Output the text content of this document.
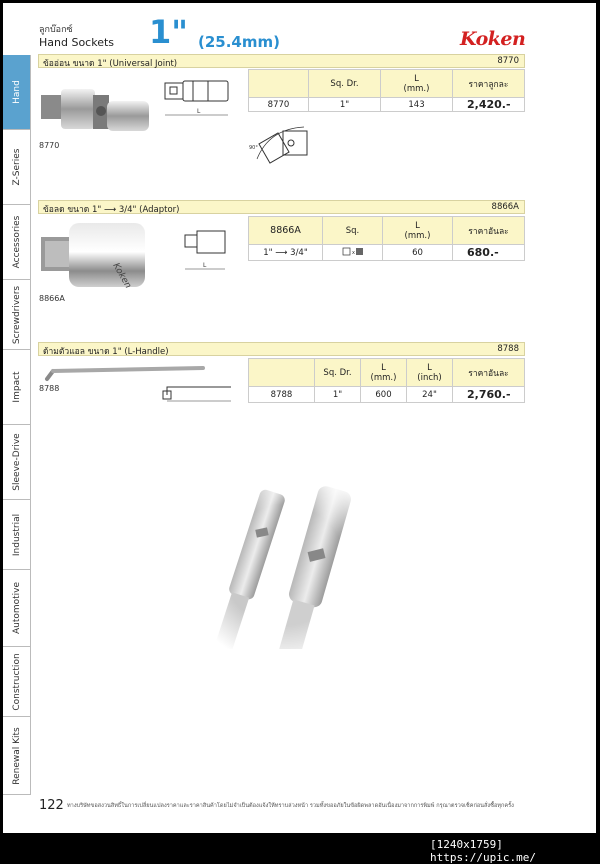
Hand
Z-Series
Accessories
Screwdrivers
Impact
Sleeve-Drive
Industrial
Automotive
Construction
Renewal Kits
ลูกบ๊อกซ์
Hand Sockets 1" (25.4mm)	Koken
ข้ออ่อน ขนาด 1" (Universal Joint)	8770
8770
L
90°
	Sq. Dr.	L
(mm.)	ราคาลูกละ
8770	1"	143	2,420.-
ข้อลด ขนาด 1" ⟶ 3/4" (Adaptor)	8866A
Koken
8866A
L
8866A	Sq.	L
(mm.)	ราคาอันละ
1" ⟶ 3/4"	x	60	680.-
ด้ามตัวแอล ขนาด 1" (L-Handle)	8788
8788
	Sq. Dr.	L
(mm.)	L
(inch)	ราคาอันละ
8788	1"	600	24"	2,760.-
122 ทางบริษัทขอสงวนสิทธิ์ในการเปลี่ยนแปลงราคาและราคาสินค้าโดยไม่จำเป็นต้องแจ้งให้ทราบล่วงหน้า รวมทั้งขออภัยในข้อผิดพลาดอันเนื่องมาจากการพิมพ์ กรุณาตรวจเช็คก่อนสั่งซื้อทุกครั้ง
[1240x1759] https://upic.me/
